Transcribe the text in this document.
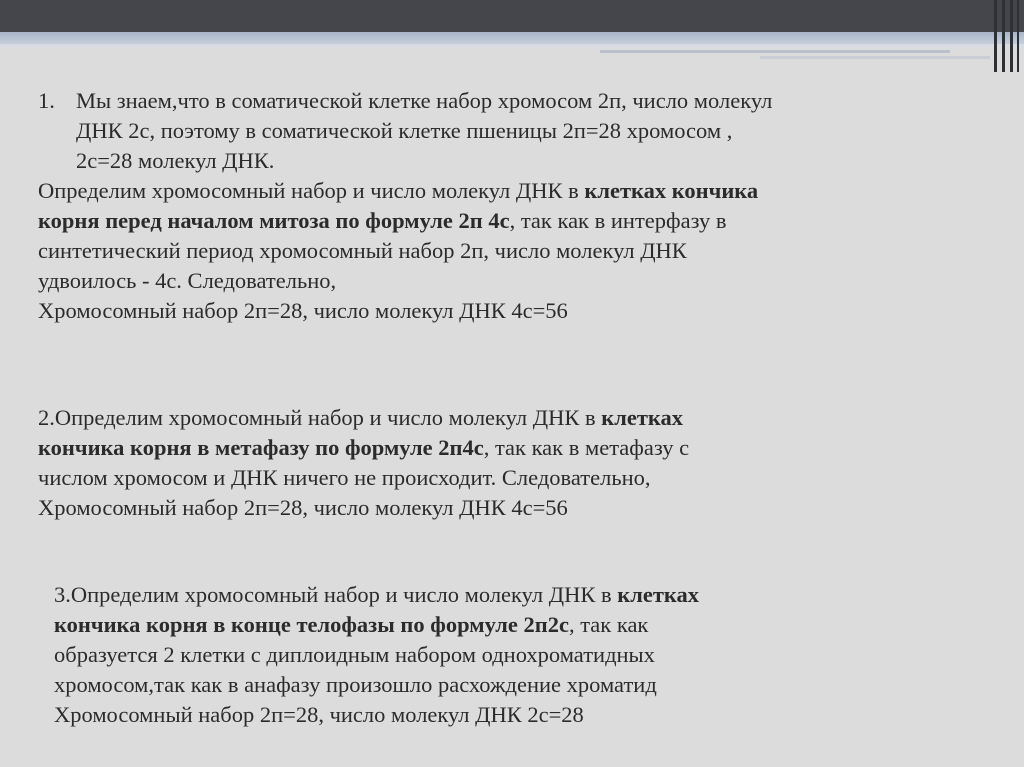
1. Мы знаем,что в соматической клетке набор хромосом 2п, число молекул
ДНК 2с, поэтому в соматической клетке пшеницы 2п=28 хромосом ,
2с=28 молекул ДНК.
Определим хромосомный набор и число молекул ДНК в клетках кончика
корня перед началом митоза по формуле 2п 4с, так как в интерфазу в
синтетический период хромосомный набор 2п, число молекул ДНК
удвоилось - 4с. Следовательно,
Хромосомный набор 2п=28, число молекул ДНК 4с=56
2.Определим хромосомный набор и число молекул ДНК в клетках
кончика корня в метафазу по формуле 2п4с, так как в метафазу с
числом хромосом и ДНК ничего не происходит. Следовательно,
Хромосомный набор 2п=28, число молекул ДНК 4с=56
3.Определим хромосомный набор и число молекул ДНК в клетках
кончика корня в конце телофазы по формуле 2п2с, так как
образуется 2 клетки с диплоидным набором однохроматидных
хромосом,так как в анафазу произошло расхождение хроматид
Хромосомный набор 2п=28, число молекул ДНК 2с=28
